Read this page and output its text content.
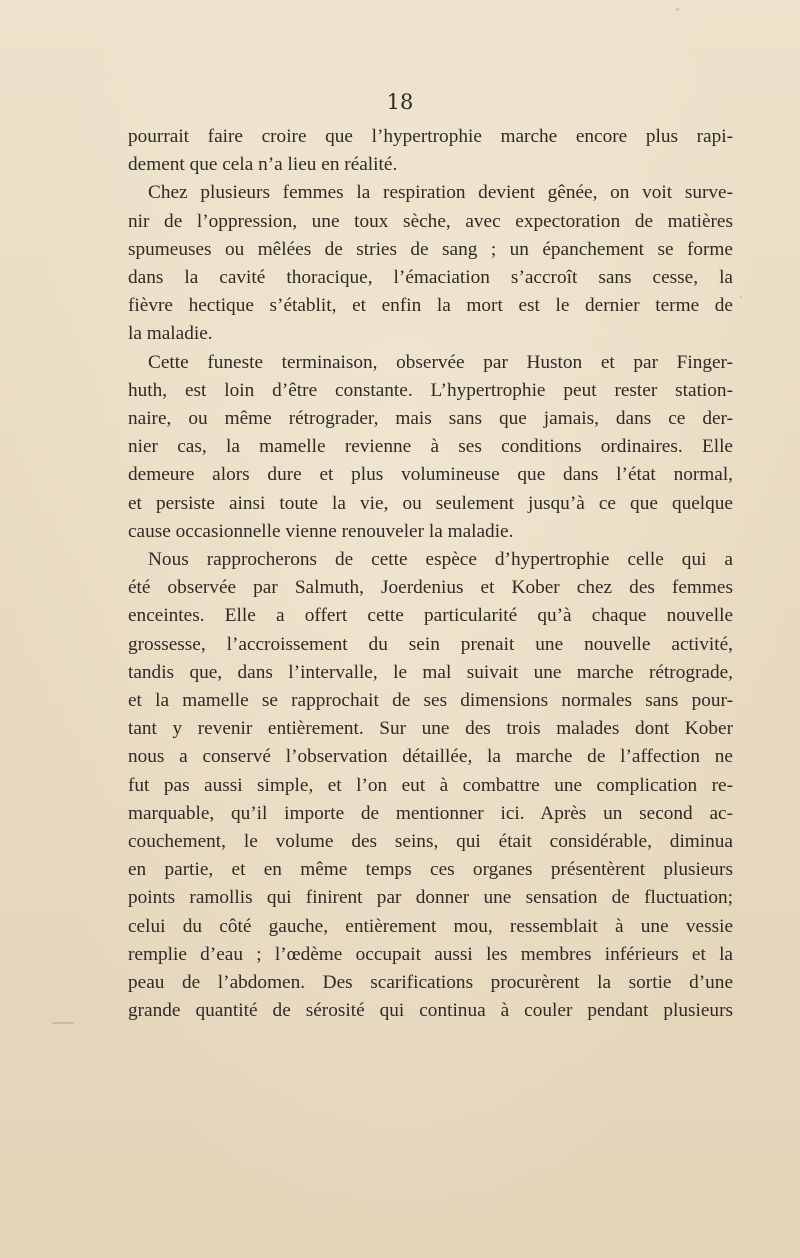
18
pourrait faire croire que l’hypertrophie marche encore plus rapi-
dement que cela n’a lieu en réalité.
Chez plusieurs femmes la respiration devient gênée, on voit surve-
nir de l’oppression, une toux sèche, avec expectoration de matières
spumeuses ou mêlées de stries de sang ; un épanchement se forme
dans la cavité thoracique, l’émaciation s’accroît sans cesse, la
fièvre hectique s’établit, et enfin la mort est le dernier terme de
la maladie.
Cette funeste terminaison, observée par Huston et par Finger-
huth, est loin d’être constante. L’hypertrophie peut rester station-
naire, ou même rétrograder, mais sans que jamais, dans ce der-
nier cas, la mamelle revienne à ses conditions ordinaires. Elle
demeure alors dure et plus volumineuse que dans l’état normal,
et persiste ainsi toute la vie, ou seulement jusqu’à ce que quelque
cause occasionnelle vienne renouveler la maladie.
Nous rapprocherons de cette espèce d’hypertrophie celle qui a
été observée par Salmuth, Joerdenius et Kober chez des femmes
enceintes. Elle a offert cette particularité qu’à chaque nouvelle
grossesse, l’accroissement du sein prenait une nouvelle activité,
tandis que, dans l’intervalle, le mal suivait une marche rétrograde,
et la mamelle se rapprochait de ses dimensions normales sans pour-
tant y revenir entièrement. Sur une des trois malades dont Kober
nous a conservé l’observation détaillée, la marche de l’affection ne
fut pas aussi simple, et l’on eut à combattre une complication re-
marquable, qu’il importe de mentionner ici. Après un second ac-
couchement, le volume des seins, qui était considérable, diminua
en partie, et en même temps ces organes présentèrent plusieurs
points ramollis qui finirent par donner une sensation de fluctuation;
celui du côté gauche, entièrement mou, ressemblait à une vessie
remplie d’eau ; l’œdème occupait aussi les membres inférieurs et la
peau de l’abdomen. Des scarifications procurèrent la sortie d’une
grande quantité de sérosité qui continua à couler pendant plusieurs
